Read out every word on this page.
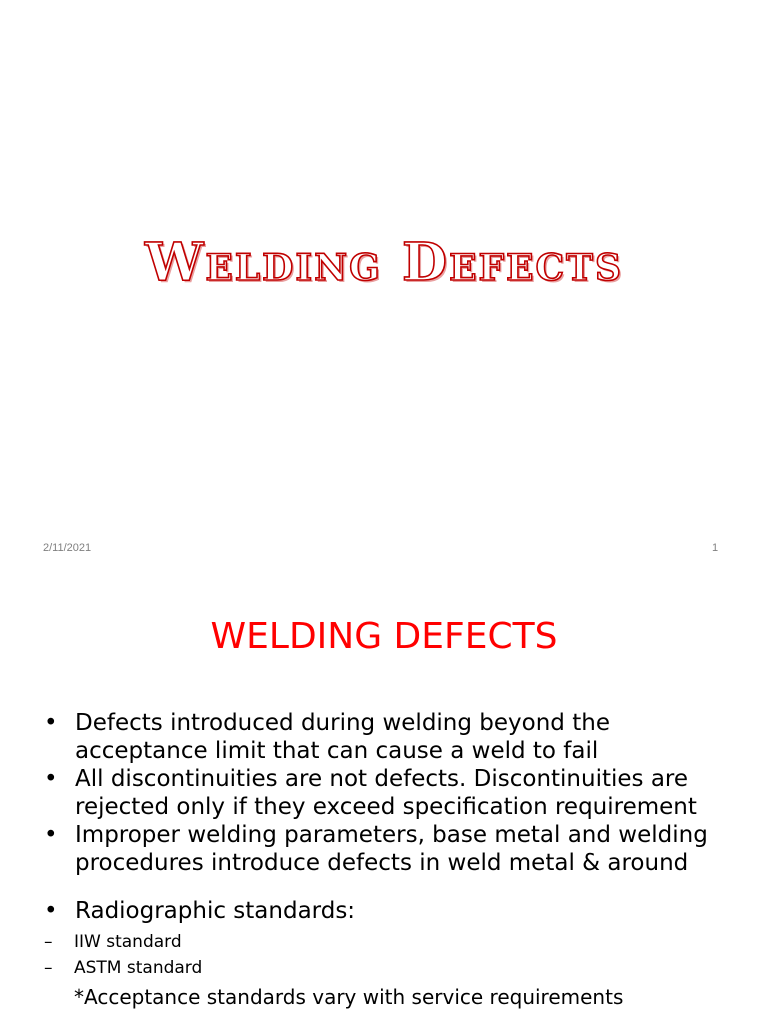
Welding Defects
2/11/2021	1
WELDING DEFECTS
• Defects introduced during welding beyond the acceptance limit that can cause a weld to fail
• All discontinuities are not defects. Discontinuities are rejected only if they exceed specification requirement
• Improper welding parameters, base metal and welding procedures introduce defects in weld metal & around
• Radiographic standards:
–	IIW standard
–	ASTM standard
*Acceptance standards vary with service requirements
